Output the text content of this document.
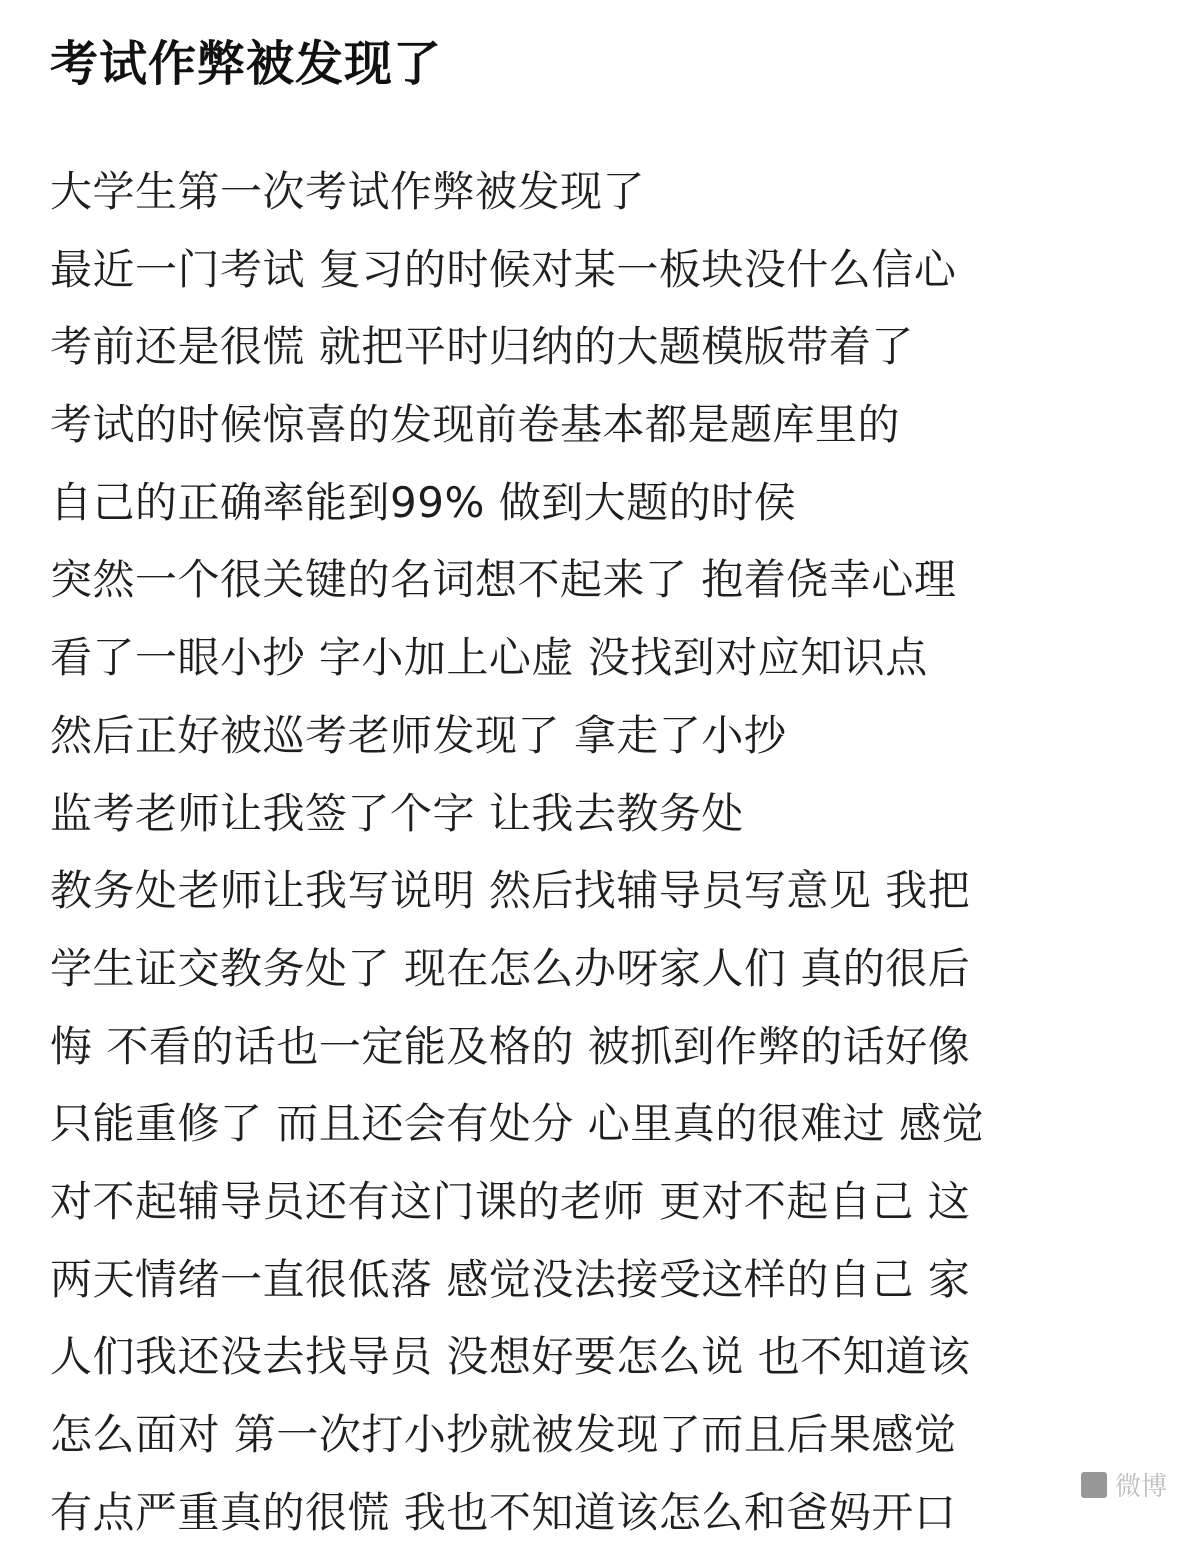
考试作弊被发现了
大学生第一次考试作弊被发现了
最近一门考试 复习的时候对某一板块没什么信心
考前还是很慌 就把平时归纳的大题模版带着了
考试的时候惊喜的发现前卷基本都是题库里的
自己的正确率能到99% 做到大题的时侯
突然一个很关键的名词想不起来了 抱着侥幸心理
看了一眼小抄 字小加上心虚 没找到对应知识点
然后正好被巡考老师发现了 拿走了小抄
监考老师让我签了个字 让我去教务处
教务处老师让我写说明 然后找辅导员写意见 我把
学生证交教务处了 现在怎么办呀家人们 真的很后
悔 不看的话也一定能及格的 被抓到作弊的话好像
只能重修了 而且还会有处分 心里真的很难过 感觉
对不起辅导员还有这门课的老师 更对不起自己 这
两天情绪一直很低落 感觉没法接受这样的自己 家
人们我还没去找导员 没想好要怎么说 也不知道该
怎么面对 第一次打小抄就被发现了而且后果感觉
有点严重真的很慌 我也不知道该怎么和爸妈开口
微博
